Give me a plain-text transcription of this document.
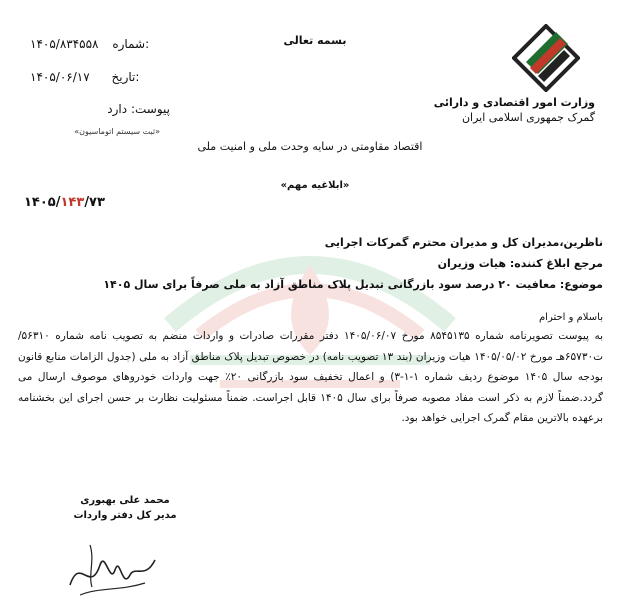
بسمه تعالی
وزارت امور اقتصادی و دارائی
گمرک جمهوری اسلامی ایران
۱۴۰۵/۸۳۴۵۵۸ شماره:
۱۴۰۵/۰۶/۱۷ تاریخ:
پیوست: دارد
«ثبت سیستم اتوماسیون»
اقتصاد مقاومتی در سایه وحدت ملی و امنیت ملی
«ابلاغیه مهم»
۱۴۰۵/۱۴۳/۷۳
ناظرین،مدیران کل و مدیران محترم گمرکات اجرایی
مرجع ابلاغ کننده: هیات وزیران
موضوع: معافیت ۲۰ درصد سود بازرگانی تبدیل پلاک مناطق آزاد به ملی صرفاً برای سال ۱۴۰۵
باسلام و احترام
به پیوست تصویرنامه شماره ۸۵۴۵۱۳۵ مورخ ۱۴۰۵/۰۶/۰۷ دفتر مقررات صادرات و واردات منضم به تصویب نامه شماره ۵۶۳۱۰/ت۶۵۷۳۰هـ مورخ ۱۴۰۵/۰۵/۰۲ هیات وزیران (بند ۱۳ تصویب نامه) در خصوص تبدیل پلاک مناطق آزاد به ملی (جدول الزامات منابع قانون بودجه سال ۱۴۰۵ موضوع ردیف شماره ۱-۱-۳) و اعمال تخفیف سود بازرگانی ۲۰٪ جهت واردات خودروهای موصوف ارسال می گردد.ضمناً لازم به ذکر است مفاد مصوبه صرفاً برای سال ۱۴۰۵ قابل اجراست. ضمناً مسئولیت نظارت بر حسن اجرای این بخشنامه برعهده بالاترین مقام گمرک اجرایی خواهد بود.
محمد علی بهبوری
مدیر کل دفتر واردات
